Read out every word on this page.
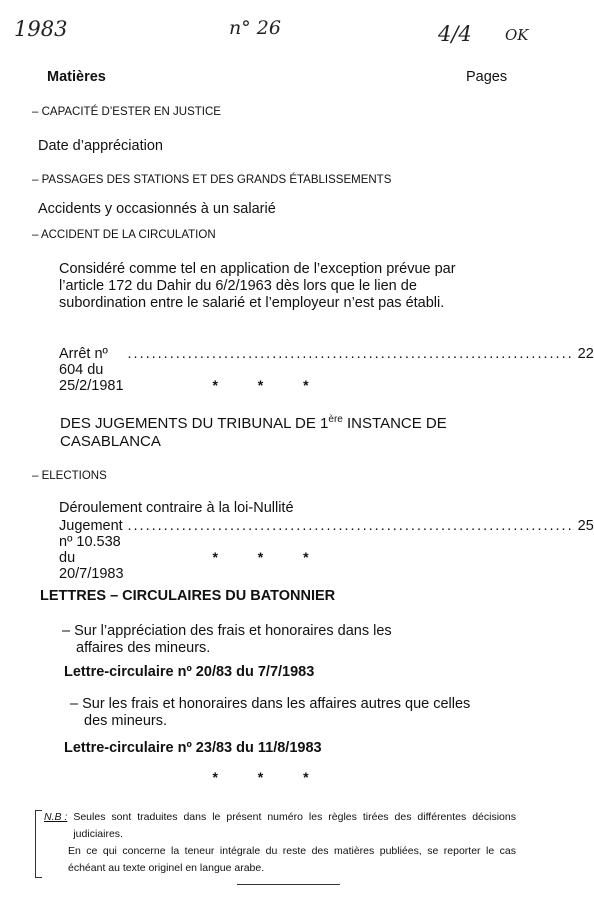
1983	n° 26	4/4 OK
Matières	Pages
– CAPACITÉ D’ESTER EN JUSTICE
Date d’appréciation
– PASSAGES DES STATIONS ET DES GRANDS ÉTABLISSEMENTS
Accidents y occasionnés à un salarié
– ACCIDENT DE LA CIRCULATION
Considéré comme tel en application de l’exception prévue par l’article 172 du Dahir du 6/2/1963 dès lors que le lien de subordination entre le salarié et l’employeur n’est pas établi.
Arrêt nº 604 du 25/2/1981
.......................................................................... 22
* * *
DES JUGEMENTS DU TRIBUNAL DE 1ère INSTANCE DE
CASABLANCA
– ELECTIONS
Déroulement contraire à la loi-Nullité
Jugement nº 10.538 du 20/7/1983
.......................................................................... 25
* * *
LETTRES – CIRCULAIRES DU BATONNIER
– Sur l’appréciation des frais et honoraires dans les affaires des mineurs.
Lettre-circulaire nº 20/83 du 7/7/1983
– Sur les frais et honoraires dans les affaires autres que celles des mineurs.
Lettre-circulaire nº 23/83 du 11/8/1983
* * *
N.B : Seules sont traduites dans le présent numéro les règles tirées des différentes décisions judiciaires.
En ce qui concerne la teneur intégrale du reste des matières publiées, se reporter le cas échéant au texte originel en langue arabe.
